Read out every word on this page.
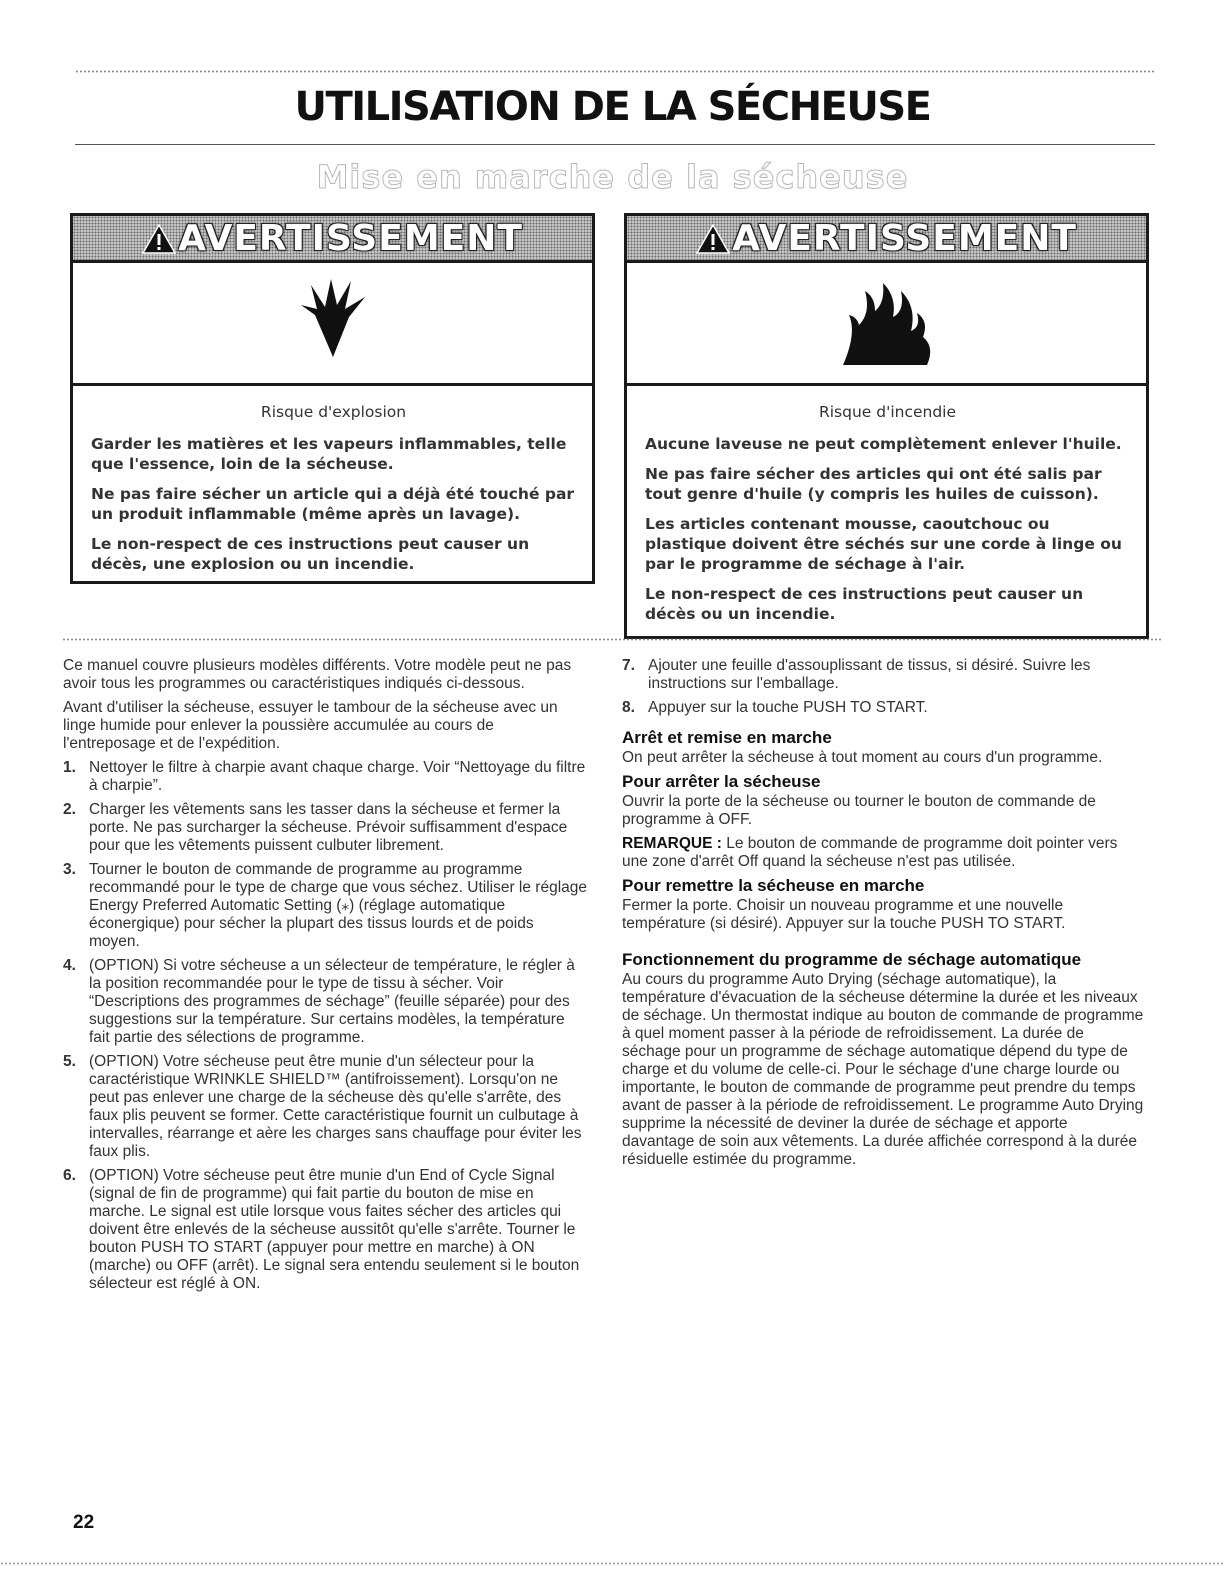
UTILISATION DE LA SÉCHEUSE
Mise en marche de la sécheuse
AVERTISSEMENT
Risque d'explosion

Garder les matières et les vapeurs inflammables, telle que l'essence, loin de la sécheuse.

Ne pas faire sécher un article qui a déjà été touché par un produit inflammable (même après un lavage).

Le non-respect de ces instructions peut causer un décès, une explosion ou un incendie.

AVERTISSEMENT
Risque d'incendie

Aucune laveuse ne peut complètement enlever l'huile.

Ne pas faire sécher des articles qui ont été salis par tout genre d'huile (y compris les huiles de cuisson).

Les articles contenant mousse, caoutchouc ou plastique doivent être séchés sur une corde à linge ou par le programme de séchage à l'air.

Le non-respect de ces instructions peut causer un décès ou un incendie.

Ce manuel couvre plusieurs modèles différents. Votre modèle peut ne pas avoir tous les programmes ou caractéristiques indiqués ci-dessous.

Avant d'utiliser la sécheuse, essuyer le tambour de la sécheuse avec un linge humide pour enlever la poussière accumulée au cours de l'entreposage et de l'expédition.

1. Nettoyer le filtre à charpie avant chaque charge. Voir “Nettoyage du filtre à charpie”.
2. Charger les vêtements sans les tasser dans la sécheuse et fermer la porte. Ne pas surcharger la sécheuse. Prévoir suffisamment d'espace pour que les vêtements puissent culbuter librement.
3. Tourner le bouton de commande de programme au programme recommandé pour le type de charge que vous séchez. Utiliser le réglage Energy Preferred Automatic Setting (⁎) (réglage automatique éconergique) pour sécher la plupart des tissus lourds et de poids moyen.
4. (OPTION) Si votre sécheuse a un sélecteur de température, le régler à la position recommandée pour le type de tissu à sécher. Voir “Descriptions des programmes de séchage” (feuille séparée) pour des suggestions sur la température. Sur certains modèles, la température fait partie des sélections de programme.
5. (OPTION) Votre sécheuse peut être munie d'un sélecteur pour la caractéristique WRINKLE SHIELD™ (antifroissement). Lorsqu'on ne peut pas enlever une charge de la sécheuse dès qu'elle s'arrête, des faux plis peuvent se former. Cette caractéristique fournit un culbutage à intervalles, réarrange et aère les charges sans chauffage pour éviter les faux plis.
6. (OPTION) Votre sécheuse peut être munie d'un End of Cycle Signal (signal de fin de programme) qui fait partie du bouton de mise en marche. Le signal est utile lorsque vous faites sécher des articles qui doivent être enlevés de la sécheuse aussitôt qu'elle s'arrête. Tourner le bouton PUSH TO START (appuyer pour mettre en marche) à ON (marche) ou OFF (arrêt). Le signal sera entendu seulement si le bouton sélecteur est réglé à ON.
7. Ajouter une feuille d'assouplissant de tissus, si désiré. Suivre les instructions sur l'emballage.
8. Appuyer sur la touche PUSH TO START.
Arrêt et remise en marche

On peut arrêter la sécheuse à tout moment au cours d'un programme.

Pour arrêter la sécheuse

Ouvrir la porte de la sécheuse ou tourner le bouton de commande de programme à OFF.

REMARQUE : Le bouton de commande de programme doit pointer vers une zone d'arrêt Off quand la sécheuse n'est pas utilisée.

Pour remettre la sécheuse en marche

Fermer la porte. Choisir un nouveau programme et une nouvelle température (si désiré). Appuyer sur la touche PUSH TO START.

Fonctionnement du programme de séchage automatique

Au cours du programme Auto Drying (séchage automatique), la température d'évacuation de la sécheuse détermine la durée et les niveaux de séchage. Un thermostat indique au bouton de commande de programme à quel moment passer à la période de refroidissement. La durée de séchage pour un programme de séchage automatique dépend du type de charge et du volume de celle-ci. Pour le séchage d'une charge lourde ou importante, le bouton de commande de programme peut prendre du temps avant de passer à la période de refroidissement. Le programme Auto Drying supprime la nécessité de deviner la durée de séchage et apporte davantage de soin aux vêtements. La durée affichée correspond à la durée résiduelle estimée du programme.

22
